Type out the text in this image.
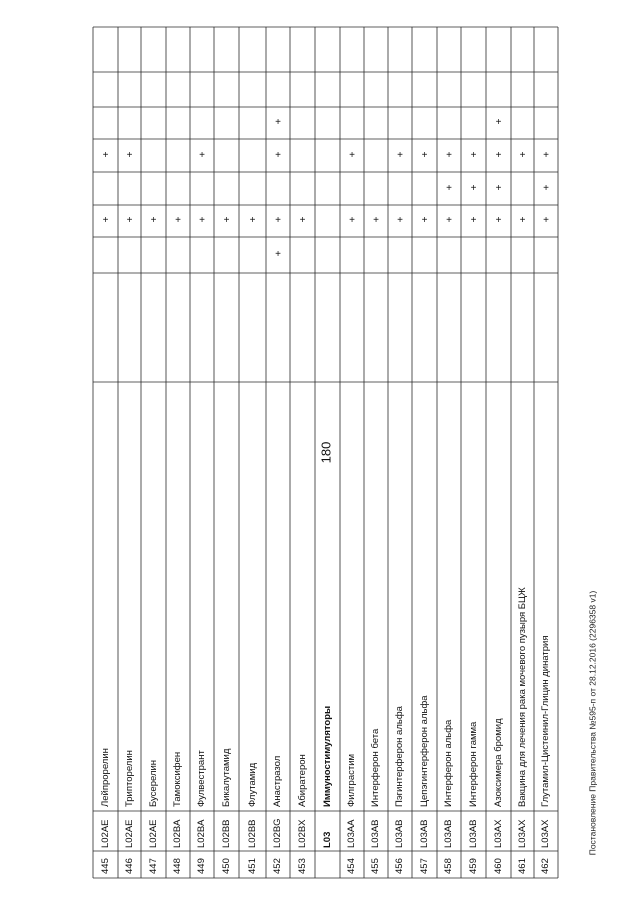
180
Постановление Правительства №595-п от 28.12.2016 (2296358 v1)
445
L02AE
Лейпрорелин
+
+
446
L02AE
Трипторелин
+
+
447
L02AE
Бусерелин
+
448
L02BA
Тамоксифен
+
449
L02BA
Фулвестрант
+
+
450
L02BB
Бикалутамид
+
451
L02BB
Флутамид
+
452
L02BG
Анастразол
+
+
+
+
453
L02BX
Абиратерон
+
L03
Иммуностимуляторы
454
L03AA
Филграстим
+
+
455
L03AB
Интерферон бета
+
456
L03AB
Пэгинтерферон альфа
+
+
457
L03AB
Цепэгинтерферон альфа
+
+
458
L03AB
Интерферон альфа
+
+
+
459
L03AB
Интерферон гамма
+
+
+
460
L03AX
Азоксимера бромид
+
+
+
+
461
L03AX
Вакцина для лечения рака мочевого пузыря БЦЖ
+
+
462
L03AX
Глутамил-Цистеинил-Глицин динатрия
+
+
+
